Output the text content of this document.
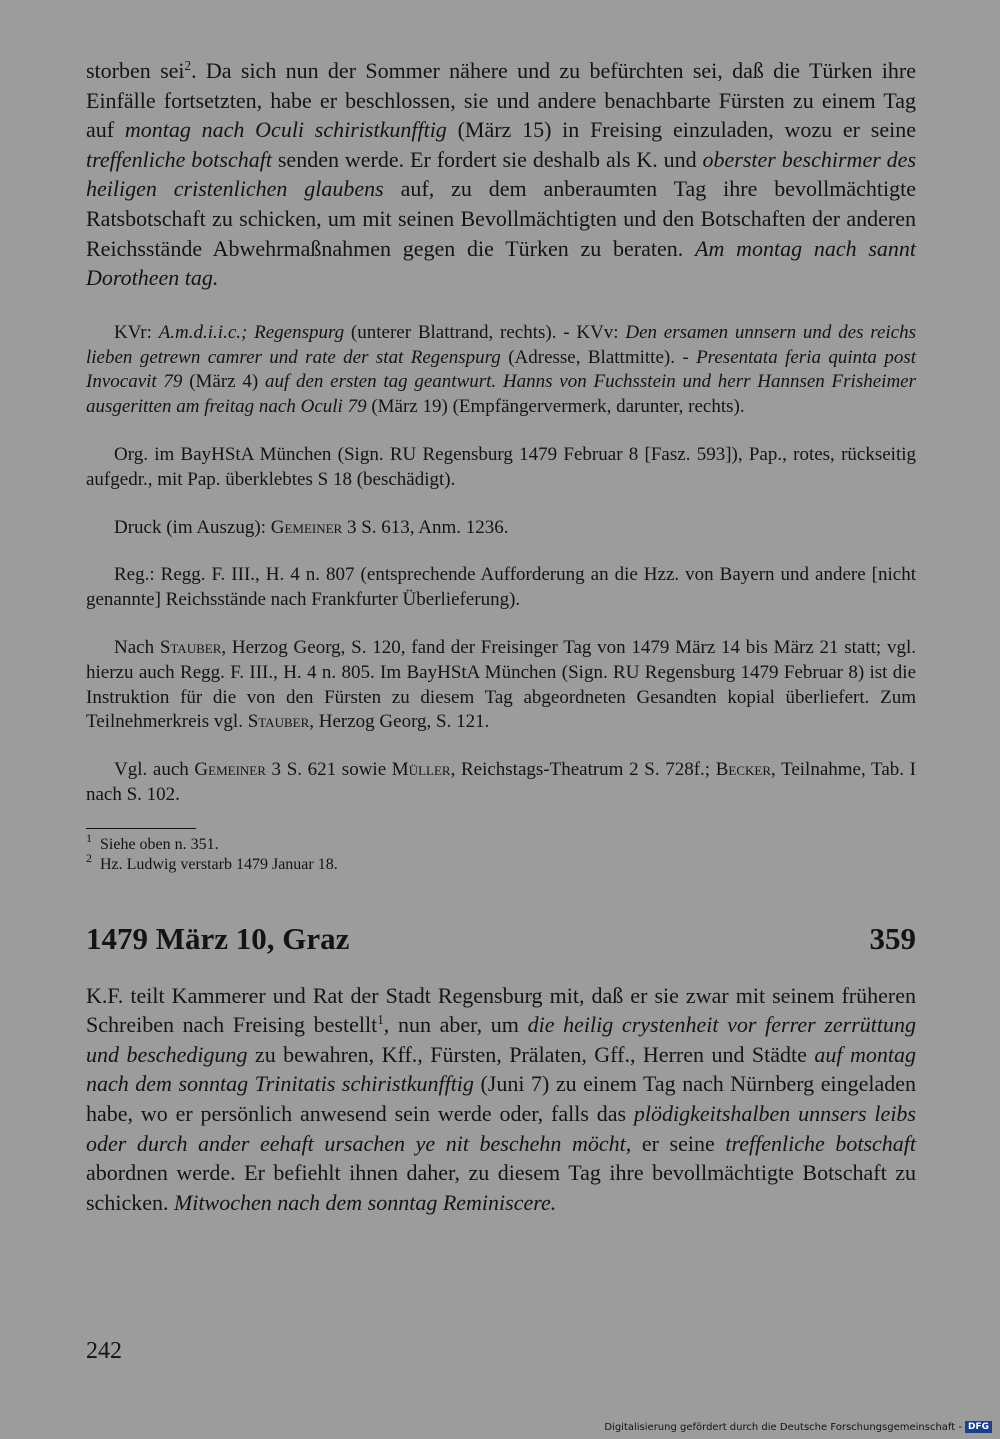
storben sei$^2$. Da sich nun der Sommer nähere und zu befürchten sei, daß die Türken ihre Einfälle fortsetzten, habe er beschlossen, sie und andere benachbarte Fürsten zu einem Tag auf montag nach Oculi schiristkunfftig (März 15) in Freising einzuladen, wozu er seine treffenliche botschaft senden werde. Er fordert sie deshalb als K. und oberster beschirmer des heiligen cristenlichen glaubens auf, zu dem anberaumten Tag ihre bevollmächtigte Ratsbotschaft zu schicken, um mit seinen Bevollmächtigten und den Botschaften der anderen Reichsstände Abwehrmaßnahmen gegen die Türken zu beraten. Am montag nach sannt Dorotheen tag.

KVr: A.m.d.i.i.c.; Regenspurg (unterer Blattrand, rechts). - KVv: Den ersamen unnsern und des reichs lieben getrewn camrer und rate der stat Regenspurg (Adresse, Blattmitte). - Presentata feria quinta post Invocavit 79 (März 4) auf den ersten tag geantwurt. Hanns von Fuchsstein und herr Hannsen Frisheimer ausgeritten am freitag nach Oculi 79 (März 19) (Empfängervermerk, darunter, rechts).

Org. im BayHStA München (Sign. RU Regensburg 1479 Februar 8 [Fasz. 593]), Pap., rotes, rückseitig aufgedr., mit Pap. überklebtes S 18 (beschädigt).

Druck (im Auszug): Gemeiner 3 S. 613, Anm. 1236.

Reg.: Regg. F. III., H. 4 n. 807 (entsprechende Aufforderung an die Hzz. von Bayern und andere [nicht genannte] Reichsstände nach Frankfurter Überlieferung).

Nach Stauber, Herzog Georg, S. 120, fand der Freisinger Tag von 1479 März 14 bis März 21 statt; vgl. hierzu auch Regg. F. III., H. 4 n. 805. Im BayHStA München (Sign. RU Regensburg 1479 Februar 8) ist die Instruktion für die von den Fürsten zu diesem Tag abgeordneten Gesandten kopial überliefert. Zum Teilnehmerkreis vgl. Stauber, Herzog Georg, S. 121.

Vgl. auch Gemeiner 3 S. 621 sowie Müller, Reichstags-Theatrum 2 S. 728f.; Becker, Teilnahme, Tab. I nach S. 102.

$^1$ Siehe oben n. 351.

$^2$ Hz. Ludwig verstarb 1479 Januar 18.

1479 März 10, Graz	359

K.F. teilt Kammerer und Rat der Stadt Regensburg mit, daß er sie zwar mit seinem früheren Schreiben nach Freising bestellt$^1$, nun aber, um die heilig crystenheit vor ferrer zerrüttung und beschedigung zu bewahren, Kff., Fürsten, Prälaten, Gff., Herren und Städte auf montag nach dem sonntag Trinitatis schiristkunfftig (Juni 7) zu einem Tag nach Nürnberg eingeladen habe, wo er persönlich anwesend sein werde oder, falls das plödigkeitshalben unnsers leibs oder durch ander eehaft ursachen ye nit beschehn möcht, er seine treffenliche botschaft abordnen werde. Er befiehlt ihnen daher, zu diesem Tag ihre bevollmächtigte Botschaft zu schicken. Mitwochen nach dem sonntag Reminiscere.

242
Digitalisierung gefördert durch die Deutsche Forschungsgemeinschaft - DFG
